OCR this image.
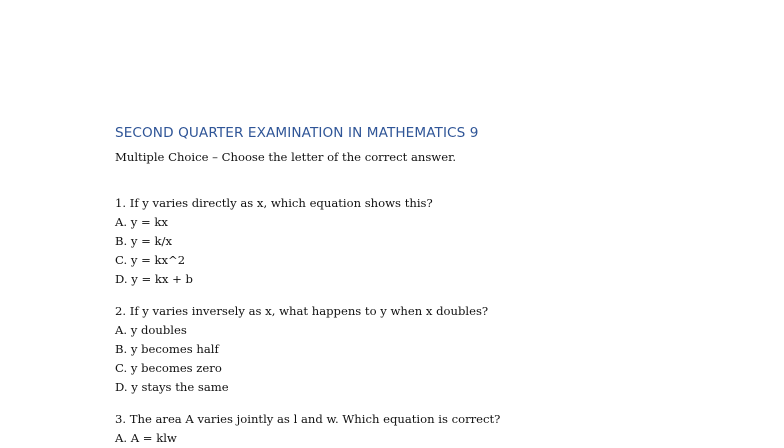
SECOND QUARTER EXAMINATION IN MATHEMATICS 9

Multiple Choice – Choose the letter of the correct answer.

1. If y varies directly as x, which equation shows this?

A. y = kx

B. y = k/x

C. y = kx^2

D. y = kx + b

2. If y varies inversely as x, what happens to y when x doubles?

A. y doubles

B. y becomes half

C. y becomes zero

D. y stays the same

3. The area A varies jointly as l and w. Which equation is correct?

A. A = klw
